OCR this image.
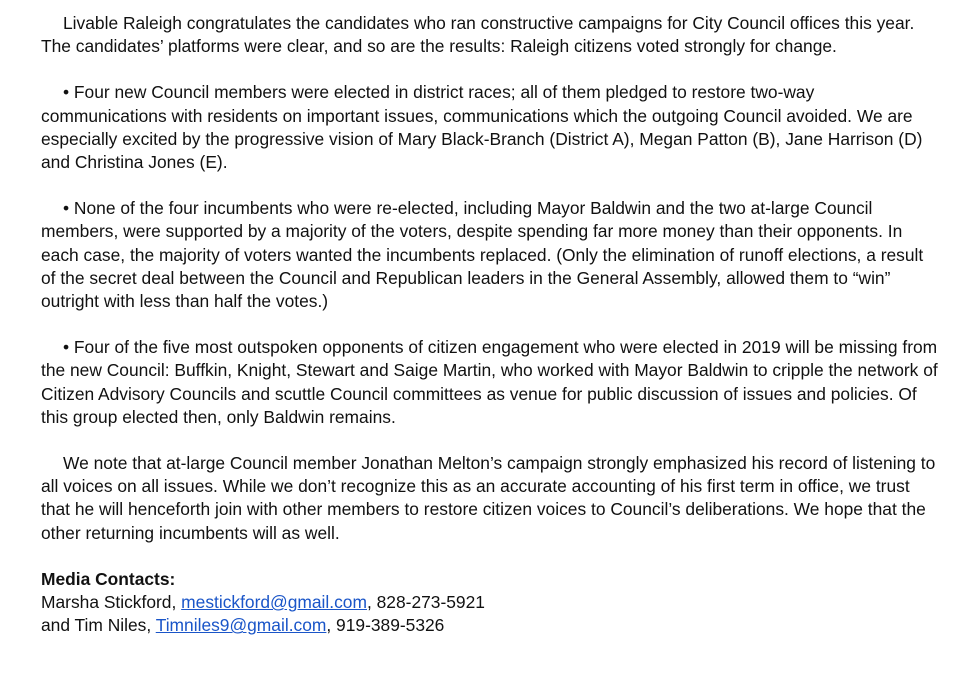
Livable Raleigh congratulates the candidates who ran constructive campaigns for City Council offices this year. The candidates’ platforms were clear, and so are the results: Raleigh citizens voted strongly for change.

• Four new Council members were elected in district races; all of them pledged to restore two-way communications with residents on important issues, communications which the outgoing Council avoided. We are especially excited by the progressive vision of Mary Black-Branch (District A), Megan Patton (B), Jane Harrison (D) and Christina Jones (E).

• None of the four incumbents who were re-elected, including Mayor Baldwin and the two at-large Council members, were supported by a majority of the voters, despite spending far more money than their opponents. In each case, the majority of voters wanted the incumbents replaced. (Only the elimination of runoff elections, a result of the secret deal between the Council and Republican leaders in the General Assembly, allowed them to “win” outright with less than half the votes.)

• Four of the five most outspoken opponents of citizen engagement who were elected in 2019 will be missing from the new Council: Buffkin, Knight, Stewart and Saige Martin, who worked with Mayor Baldwin to cripple the network of Citizen Advisory Councils and scuttle Council committees as venue for public discussion of issues and policies. Of this group elected then, only Baldwin remains.

We note that at-large Council member Jonathan Melton’s campaign strongly emphasized his record of listening to all voices on all issues. While we don’t recognize this as an accurate accounting of his first term in office, we trust that he will henceforth join with other members to restore citizen voices to Council’s deliberations. We hope that the other returning incumbents will as well.

Media Contacts:

Marsha Stickford, mestickford@gmail.com, 828-273-5921

and Tim Niles, Timniles9@gmail.com, 919-389-5326
